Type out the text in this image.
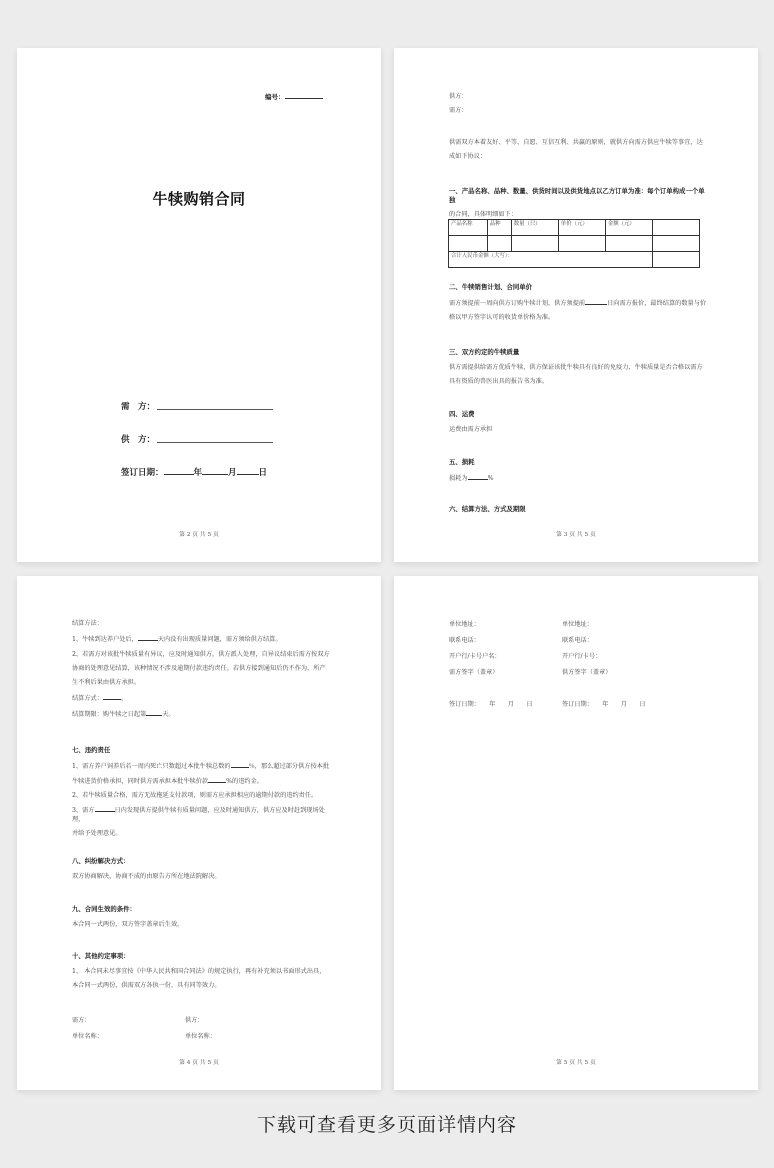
编号：
牛犊购销合同
需　方：
供　方：
签订日期：	年	月	日
第 2 页 共 5 页
供方：
需方：
供需双方本着友好、平等、自愿、互信互利、共赢的原则，就供方向需方供应牛犊等事宜，达
成如下协议：
一、产品名称、品种、数量、供货时间以及供货地点以乙方订单为准：每个订单构成一个单独
的合同，具体明细如下：
产品名称	品种	数量（只）	单价（元）	金额（元）	

合计人民币金额（大写）：					
二、牛犊销售计划、合同单价
需方须提前一周向供方订购牛犊计划，供方须提前	日向需方报价，最终结算的数量与价
格以甲方签字认可的收货单价格为准。
三、双方约定的牛犊质量
供方需提供给需方优质牛犊，供方保证该批牛犊具有良好的免疫力，牛犊质量是否合格以需方
具有资质的兽医出具的报告书为准。
四、运费
运费由需方承担
五、损耗
损耗为	%
六、结算方法、方式及期限
第 3 页 共 5 页
结算方法：
1、牛犊到达养户处后，	天内没有出现质量问题，需方须给供方结算。
2、若需方对该批牛犊质量有异议，应及时通知供方，供方派人处理，自异议结束后需方按双方
协商的处理意见结算，该种情况不涉及逾期付款违约责任。若供方接到通知后仍不作为，所产
生不利后果由供方承担。
结算方式：	。
结算期限：购牛犊之日起第	天。
七、违约责任
1、需方养户饲养后若一周内死亡只数超过本批牛犊总数的	％，那么超过部分供方按本批
牛犊进货价格承担，同时供方需承担本批牛犊价款	%的违约金。
2、若牛犊质量合格，需方无故拖延支付款项，则需方应承担相应的逾期付款的违约责任。
3、需方	日内发现供方提供牛犊有质量问题，应及时通知供方，供方应及时赶到现场处理，
并给予处理意见。
八、纠纷解决方式：
双方协商解决，协商不成的由原告方所在地法院解决。
九、合同生效的条件：
本合同一式两份，双方签字盖章后生效。
十、其他约定事项：
1、 本合同未尽事宜按《中华人民共和国合同法》的规定执行，再有补充须以书面形式出具，
本合同一式两份，供需双方各执一份，具有同等效力。
需方：	供方：
单位名称：	单位名称：
第 4 页 共 5 页
单位地址：	单位地址：
联系电话：	联系电话：
开户行/卡号户名：	开户行/卡号：
需方签字（盖章）	供方签字（盖章）
签订日期：　　年　　月　　日	签订日期：　　年　　月　　日
第 5 页 共 5 页
下载可查看更多页面详情内容
